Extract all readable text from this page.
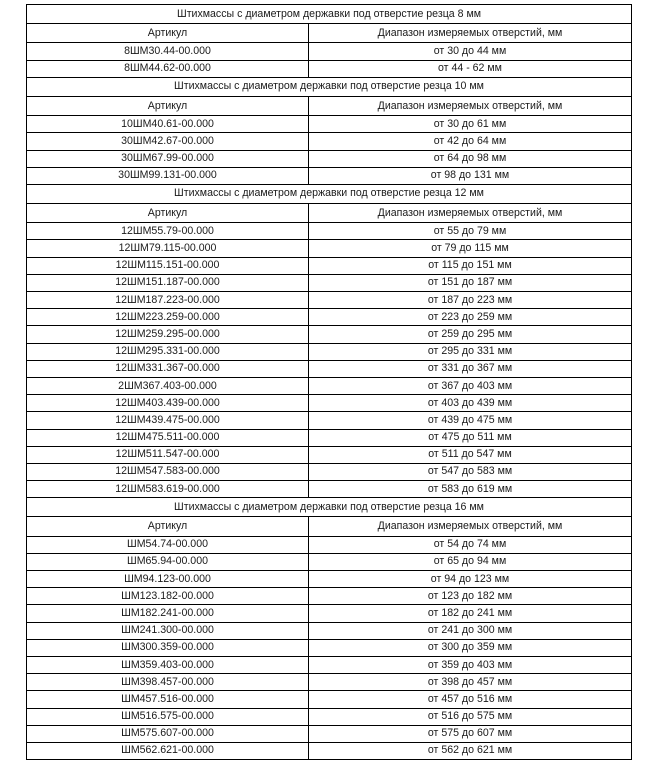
Штихмассы с диаметром державки под отверстие резца 8 мм	
Артикул	Диапазон измеряемых отверстий, мм
8ШМ30.44-00.000	от 30 до 44 мм
8ШМ44.62-00.000	от 44 - 62 мм
Штихмассы с диаметром державки под отверстие резца 10 мм	
Артикул	Диапазон измеряемых отверстий, мм
10ШМ40.61-00.000	от 30 до 61 мм
30ШМ42.67-00.000	от 42 до 64 мм
30ШМ67.99-00.000	от 64 до 98 мм
30ШМ99.131-00.000	от 98 до 131 мм
Штихмассы с диаметром державки под отверстие резца 12 мм	
Артикул	Диапазон измеряемых отверстий, мм
12ШМ55.79-00.000	от 55 до 79 мм
12ШМ79.115-00.000	от 79 до 115 мм
12ШМ115.151-00.000	от 115 до 151 мм
12ШМ151.187-00.000	от 151 до 187 мм
12ШМ187.223-00.000	от 187 до 223 мм
12ШМ223.259-00.000	от 223 до 259 мм
12ШМ259.295-00.000	от 259 до 295 мм
12ШМ295.331-00.000	от 295 до 331 мм
12ШМ331.367-00.000	от 331 до 367 мм
2ШМ367.403-00.000	от 367 до 403 мм
12ШМ403.439-00.000	от 403 до 439 мм
12ШМ439.475-00.000	от 439 до 475 мм
12ШМ475.511-00.000	от 475 до 511 мм
12ШМ511.547-00.000	от 511 до 547 мм
12ШМ547.583-00.000	от 547 до 583 мм
12ШМ583.619-00.000	от 583 до 619 мм
Штихмассы с диаметром державки под отверстие резца 16 мм	
Артикул	Диапазон измеряемых отверстий, мм
ШМ54.74-00.000	от 54 до 74 мм
ШМ65.94-00.000	от 65 до 94 мм
ШМ94.123-00.000	от 94 до 123 мм
ШМ123.182-00.000	от 123 до 182 мм
ШМ182.241-00.000	от 182 до 241 мм
ШМ241.300-00.000	от 241 до 300 мм
ШМ300.359-00.000	от 300 до 359 мм
ШМ359.403-00.000	от 359 до 403 мм
ШМ398.457-00.000	от 398 до 457 мм
ШМ457.516-00.000	от 457 до 516 мм
ШМ516.575-00.000	от 516 до 575 мм
ШМ575.607-00.000	от 575 до 607 мм
ШМ562.621-00.000	от 562 до 621 мм
